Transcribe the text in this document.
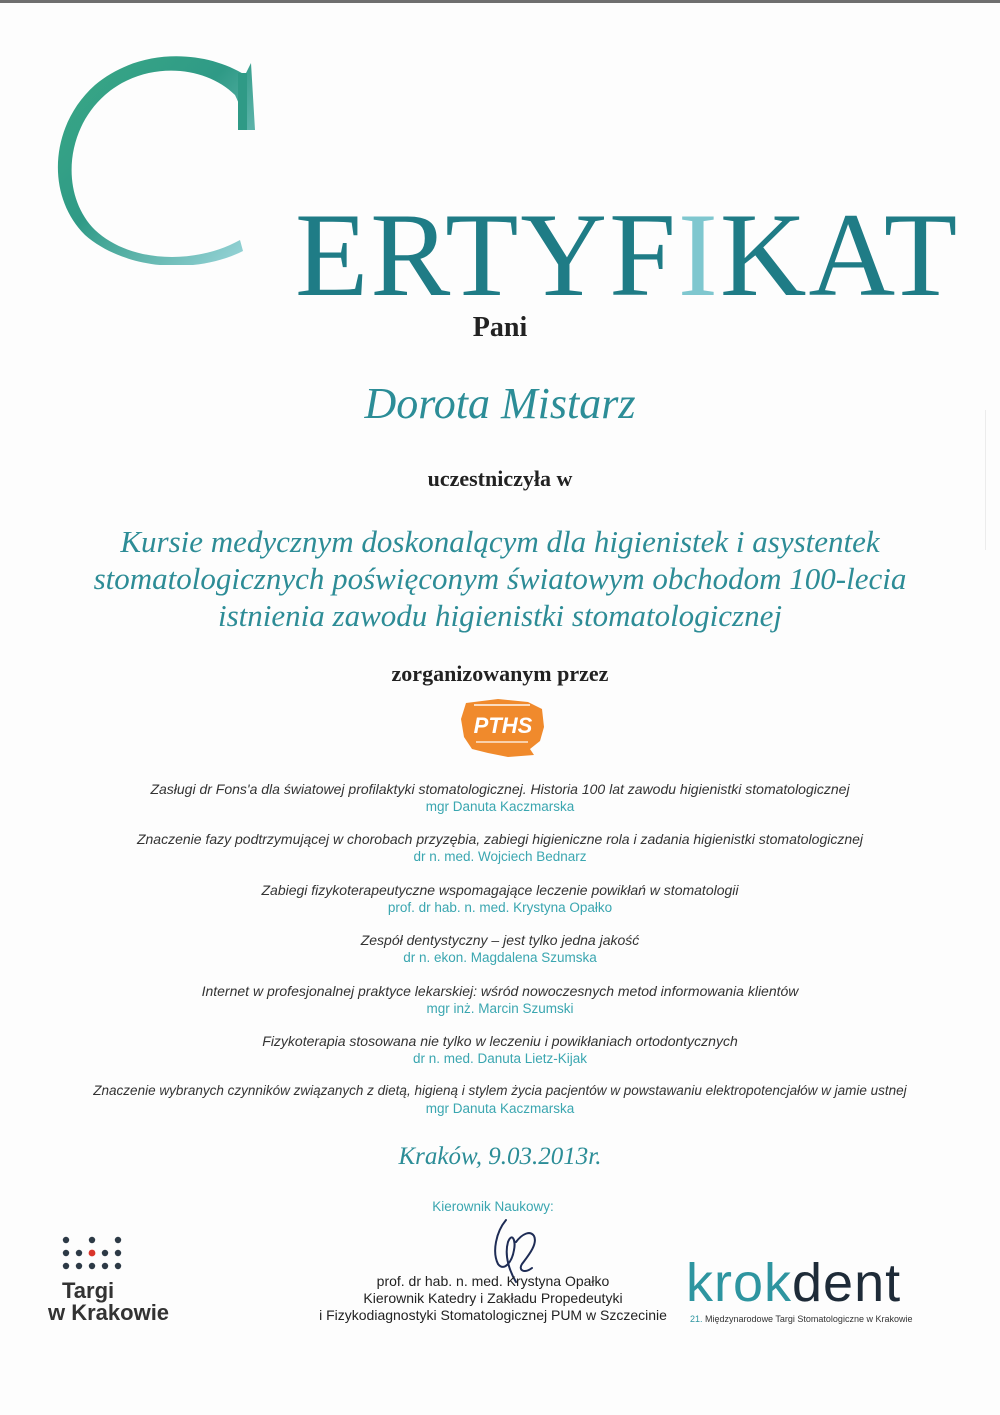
ERTYFIKAT
Pani
Dorota Mistarz
uczestniczyła w
Kursie medycznym doskonalącym dla higienistek i asystentek
stomatologicznych poświęconym światowym obchodom 100-lecia
istnienia zawodu higienistki stomatologicznej
zorganizowanym przez
PTHS
Zasługi dr Fons'a dla światowej profilaktyki stomatologicznej. Historia 100 lat zawodu higienistki stomatologicznej
mgr Danuta Kaczmarska
Znaczenie fazy podtrzymującej w chorobach przyzębia, zabiegi higieniczne rola i zadania higienistki stomatologicznej
dr n. med. Wojciech Bednarz
Zabiegi fizykoterapeutyczne wspomagające leczenie powikłań w stomatologii
prof. dr hab. n. med. Krystyna Opałko
Zespół dentystyczny – jest tylko jedna jakość
dr n. ekon. Magdalena Szumska
Internet w profesjonalnej praktyce lekarskiej: wśród nowoczesnych metod informowania klientów
mgr inż. Marcin Szumski
Fizykoterapia stosowana nie tylko w leczeniu i powikłaniach ortodontycznych
dr n. med. Danuta Lietz-Kijak
Znaczenie wybranych czynników związanych z dietą, higieną i stylem życia pacjentów w powstawaniu elektropotencjałów w jamie ustnej
mgr Danuta Kaczmarska
Kraków, 9.03.2013r.
Kierownik Naukowy:
prof. dr hab. n. med. Krystyna Opałko
Kierownik Katedry i Zakładu Propedeutyki
i Fizykodiagnostyki Stomatologicznej PUM w Szczecinie
Targi
w Krakowie	krokdent
21. Międzynarodowe Targi Stomatologiczne w Krakowie
